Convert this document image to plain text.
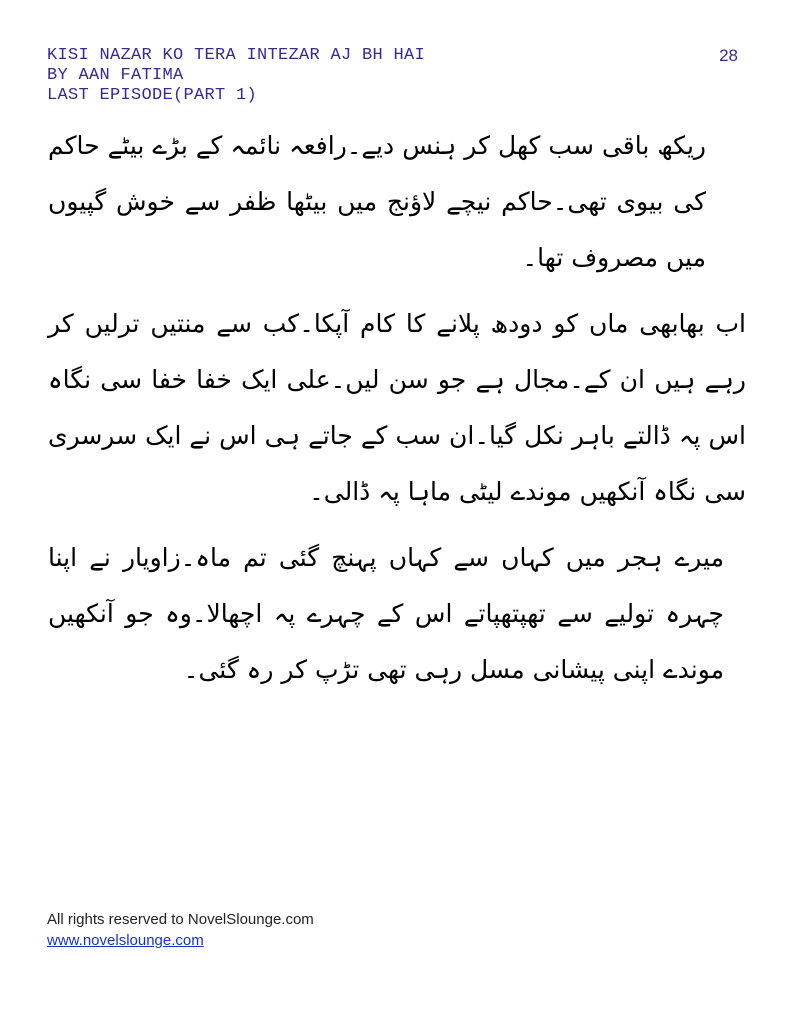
KISI NAZAR KO TERA INTEZAR AJ BH HAI
BY AAN FATIMA
LAST EPISODE(PART 1)
28

ریکھ باقی سب کھل کر ہنس دیے۔رافعہ نائمہ کے بڑے بیٹے حاکم کی بیوی تھی۔حاکم نیچے لاؤنج میں بیٹھا ظفر سے خوش گپیوں میں مصروف تھا۔

اب بھابھی ماں کو دودھ پلانے کا کام آپکا۔کب سے منتیں ترلیں کر رہے ہیں ان کے۔مجال ہے جو سن لیں۔علی ایک خفا خفا سی نگاہ اس پہ ڈالتے باہر نکل گیا۔ان سب کے جاتے ہی اس نے ایک سرسری سی نگاہ آنکھیں موندے لیٹی ماہا پہ ڈالی۔

میرے ہجر میں کہاں سے کہاں پہنچ گئی تم ماہ۔زاویار نے اپنا چہرہ تولیے سے تھپتھپاتے اس کے چہرے پہ اچھالا۔وہ جو آنکھیں موندے اپنی پیشانی مسل رہی تھی تڑپ کر رہ گئی۔

All rights reserved to NovelSlounge.com
www.novelslounge.com
